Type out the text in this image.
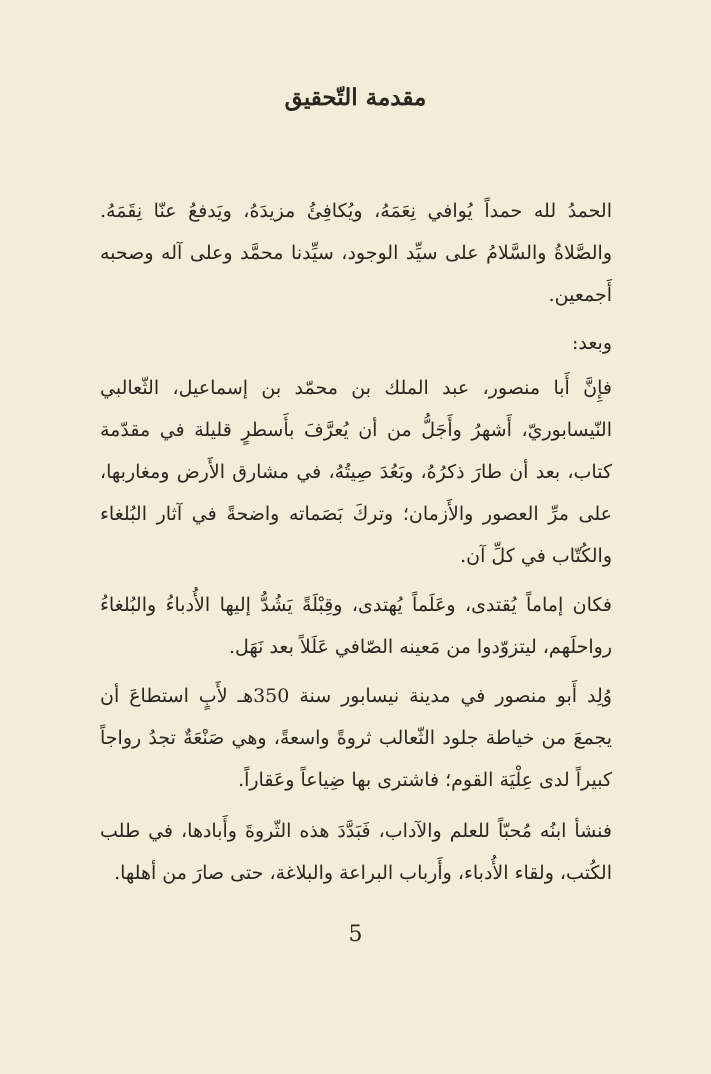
مقدمة التّحقيق
الحمدُ لله حمداً يُوافي نِعَمَهُ، ويُكافِئُ مزيدَهُ، ويَدفعُ عنّا نِقَمَهُ. والصَّلاةُ والسَّلامُ على سيِّد الوجود، سيِّدنا محمَّد وعلى آله وصحبه أَجمعين.
وبعد:
فإِنَّ أَبا منصور، عبد الملك بن محمّد بن إسماعيل، الثّعالبي النّيسابوريّ، أَشهرُ وأَجَلُّ من أن يُعرَّفَ بأَسطرٍ قليلة في مقدّمة كتاب، بعد أن طارَ ذكرُهُ، وبَعُدَ صِيتُهُ، في مشارق الأَرض ومغاربها، على مرِّ العصور والأَزمان؛ وتركَ بَصَماته واضحةً في آثار البُلغاء والكُتّاب في كلِّ آن.
فكان إماماً يُقتدى، وعَلَماً يُهتدى، وقِبْلَةً يَشُدُّ إليها الأُدباءُ والبُلغاءُ رواحلَهم، ليتزوّدوا من مَعينه الصّافي عَلَلاً بعد نَهَل.
وُلِد أَبو منصور في مدينة نيسابور سنة 350هـ لأَبٍ استطاعَ أن يجمعَ من خياطة جلود الثّعالب ثروةً واسعةً، وهي صَنْعَةٌ تجدُ رواجاً كبيراً لدى عِلْيَة القوم؛ فاشترى بها ضِياعاً وعَقاراً.
فنشأ ابنُه مُحبّاً للعلم والآداب، فَبَدَّدَ هذه الثّروةَ وأَبادها، في طلب الكُتب، ولقاء الأُدباء، وأَرباب البراعة والبلاغة، حتى صارَ من أهلها.
5
